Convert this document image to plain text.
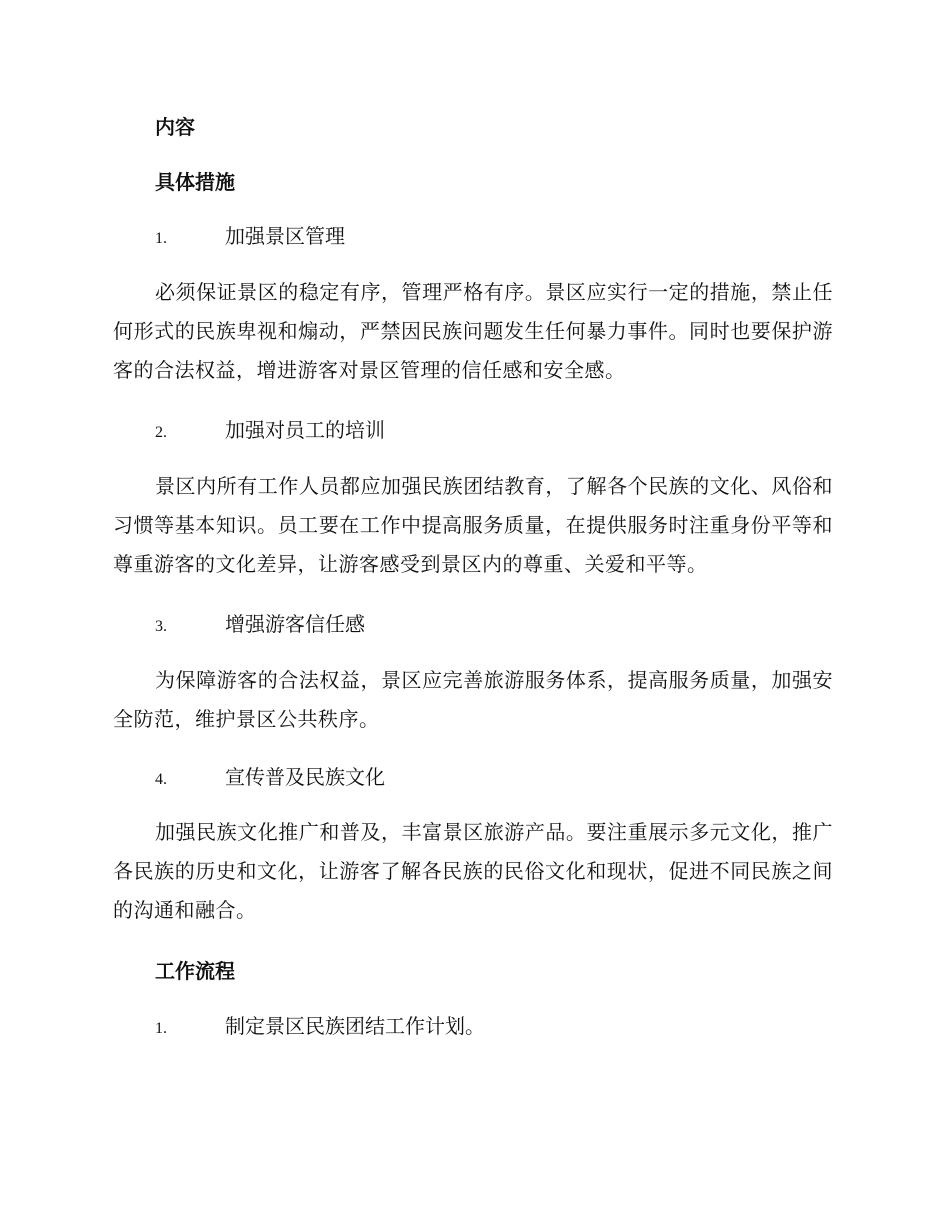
内容
具体措施
1.	加强景区管理
必须保证景区的稳定有序，管理严格有序。景区应实行一定的措施，禁止任何形式的民族卑视和煽动，严禁因民族问题发生任何暴力事件。同时也要保护游客的合法权益，增进游客对景区管理的信任感和安全感。
2.	加强对员工的培训
景区内所有工作人员都应加强民族团结教育，了解各个民族的文化、风俗和习惯等基本知识。员工要在工作中提高服务质量，在提供服务时注重身份平等和尊重游客的文化差异，让游客感受到景区内的尊重、关爱和平等。
3.	增强游客信任感
为保障游客的合法权益，景区应完善旅游服务体系，提高服务质量，加强安全防范，维护景区公共秩序。
4.	宣传普及民族文化
加强民族文化推广和普及，丰富景区旅游产品。要注重展示多元文化，推广各民族的历史和文化，让游客了解各民族的民俗文化和现状，促进不同民族之间的沟通和融合。
工作流程
1.	制定景区民族团结工作计划。
